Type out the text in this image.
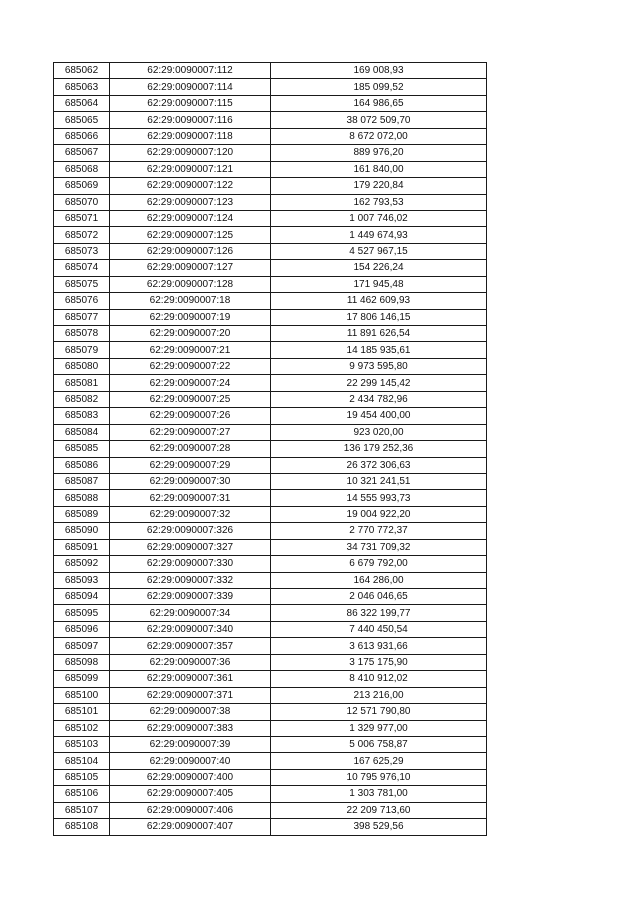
685062	62:29:0090007:112	169 008,93
685063	62:29:0090007:114	185 099,52
685064	62:29:0090007:115	164 986,65
685065	62:29:0090007:116	38 072 509,70
685066	62:29:0090007:118	8 672 072,00
685067	62:29:0090007:120	889 976,20
685068	62:29:0090007:121	161 840,00
685069	62:29:0090007:122	179 220,84
685070	62:29:0090007:123	162 793,53
685071	62:29:0090007:124	1 007 746,02
685072	62:29:0090007:125	1 449 674,93
685073	62:29:0090007:126	4 527 967,15
685074	62:29:0090007:127	154 226,24
685075	62:29:0090007:128	171 945,48
685076	62:29:0090007:18	11 462 609,93
685077	62:29:0090007:19	17 806 146,15
685078	62:29:0090007:20	11 891 626,54
685079	62:29:0090007:21	14 185 935,61
685080	62:29:0090007:22	9 973 595,80
685081	62:29:0090007:24	22 299 145,42
685082	62:29:0090007:25	2 434 782,96
685083	62:29:0090007:26	19 454 400,00
685084	62:29:0090007:27	923 020,00
685085	62:29:0090007:28	136 179 252,36
685086	62:29:0090007:29	26 372 306,63
685087	62:29:0090007:30	10 321 241,51
685088	62:29:0090007:31	14 555 993,73
685089	62:29:0090007:32	19 004 922,20
685090	62:29:0090007:326	2 770 772,37
685091	62:29:0090007:327	34 731 709,32
685092	62:29:0090007:330	6 679 792,00
685093	62:29:0090007:332	164 286,00
685094	62:29:0090007:339	2 046 046,65
685095	62:29:0090007:34	86 322 199,77
685096	62:29:0090007:340	7 440 450,54
685097	62:29:0090007:357	3 613 931,66
685098	62:29:0090007:36	3 175 175,90
685099	62:29:0090007:361	8 410 912,02
685100	62:29:0090007:371	213 216,00
685101	62:29:0090007:38	12 571 790,80
685102	62:29:0090007:383	1 329 977,00
685103	62:29:0090007:39	5 006 758,87
685104	62:29:0090007:40	167 625,29
685105	62:29:0090007:400	10 795 976,10
685106	62:29:0090007:405	1 303 781,00
685107	62:29:0090007:406	22 209 713,60
685108	62:29:0090007:407	398 529,56
